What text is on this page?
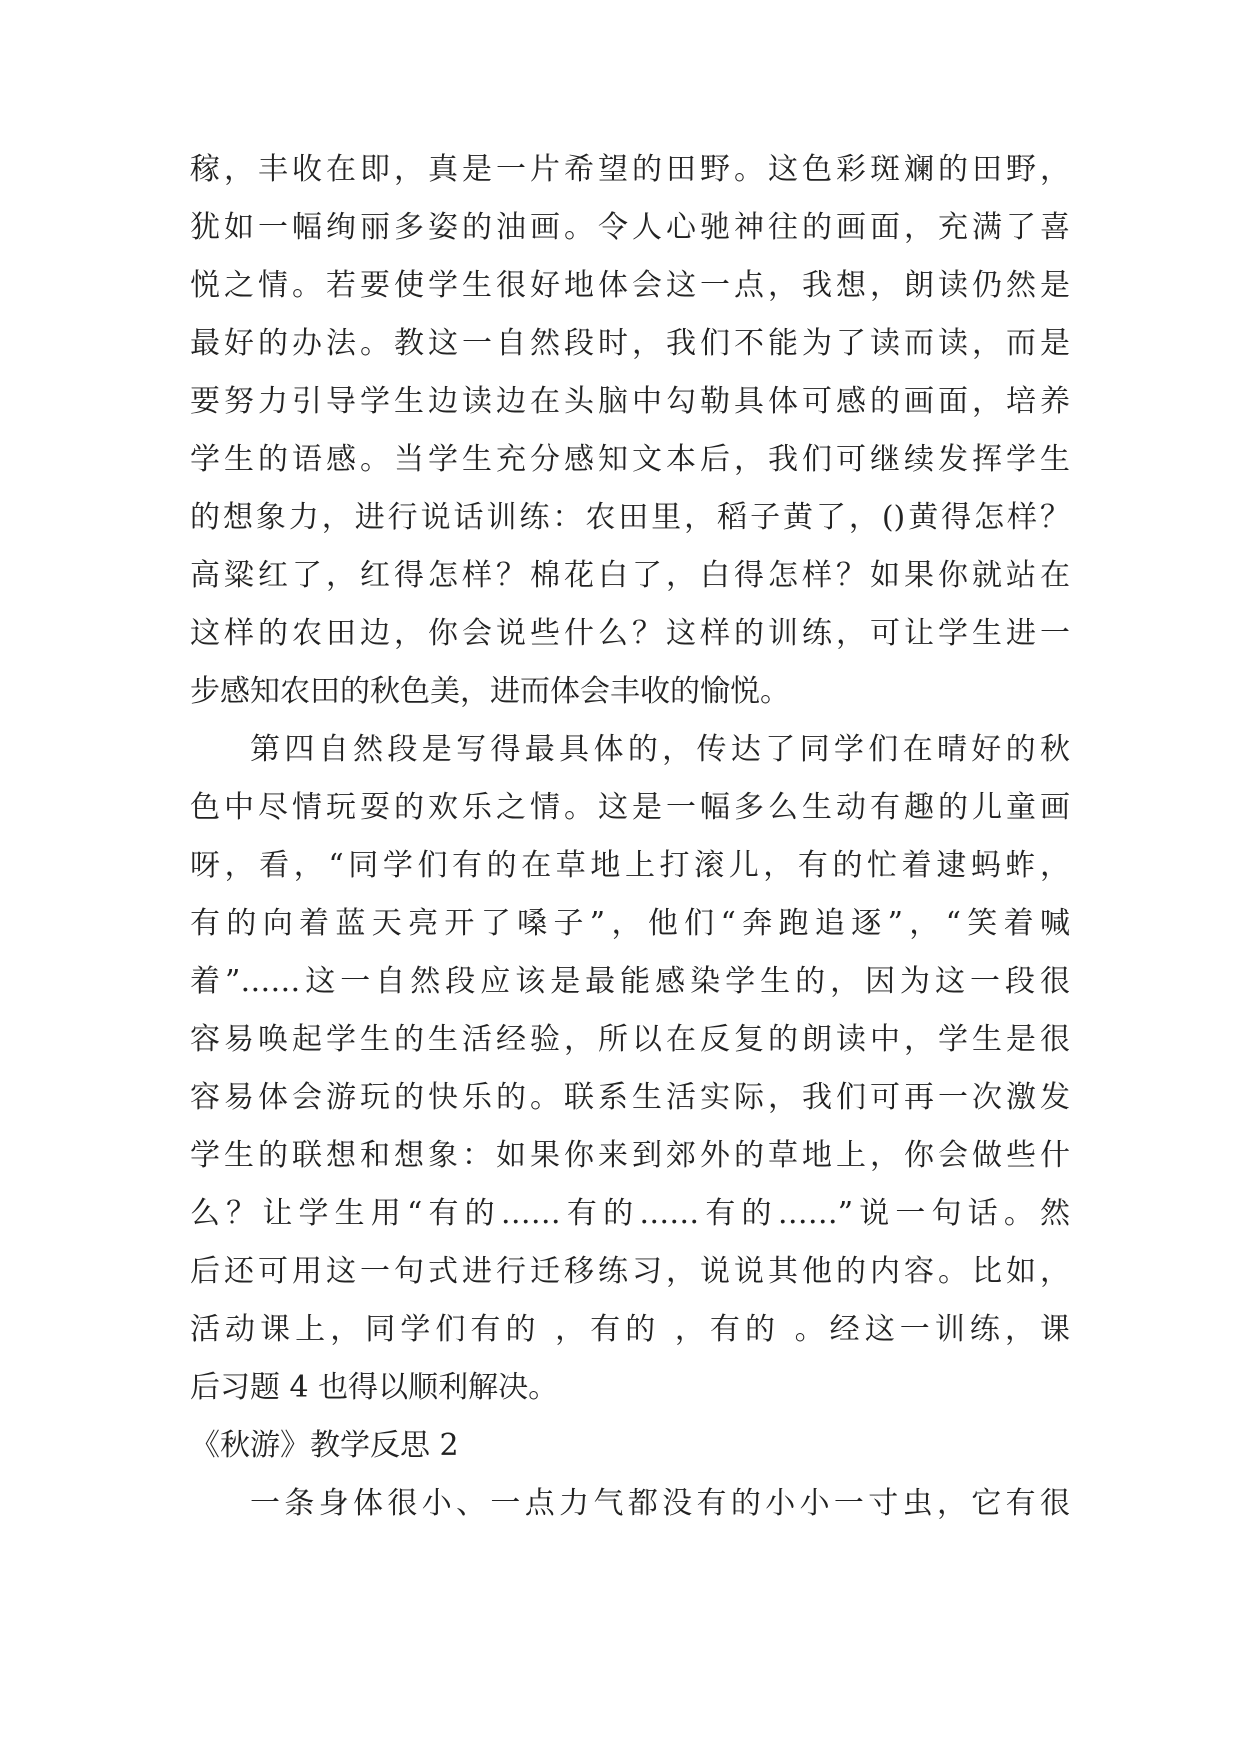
稼，丰收在即，真是一片希望的田野。这色彩斑斓的田野，
犹如一幅绚丽多姿的油画。令人心驰神往的画面，充满了喜
悦之情。若要使学生很好地体会这一点，我想，朗读仍然是
最好的办法。教这一自然段时，我们不能为了读而读，而是
要努力引导学生边读边在头脑中勾勒具体可感的画面，培养
学生的语感。当学生充分感知文本后，我们可继续发挥学生
的想象力，进行说话训练：农田里，稻子黄了，()黄得怎样？
高粱红了，红得怎样？棉花白了，白得怎样？如果你就站在
这样的农田边，你会说些什么？这样的训练，可让学生进一
步感知农田的秋色美，进而体会丰收的愉悦。
第四自然段是写得最具体的，传达了同学们在晴好的秋
色中尽情玩耍的欢乐之情。这是一幅多么生动有趣的儿童画
呀，看，“同学们有的在草地上打滚儿，有的忙着逮蚂蚱，
有的向着蓝天亮开了嗓子”，他们“奔跑追逐”，“笑着喊
着”……这一自然段应该是最能感染学生的，因为这一段很
容易唤起学生的生活经验，所以在反复的朗读中，学生是很
容易体会游玩的快乐的。联系生活实际，我们可再一次激发
学生的联想和想象：如果你来到郊外的草地上，你会做些什
么？让学生用“有的……有的……有的……”说一句话。然
后还可用这一句式进行迁移练习，说说其他的内容。比如，
活动课上，同学们有的 ，有的 ，有的 。经这一训练，课
后习题 4 也得以顺利解决。
《秋游》教学反思 2
一条身体很小、一点力气都没有的小小一寸虫，它有很
